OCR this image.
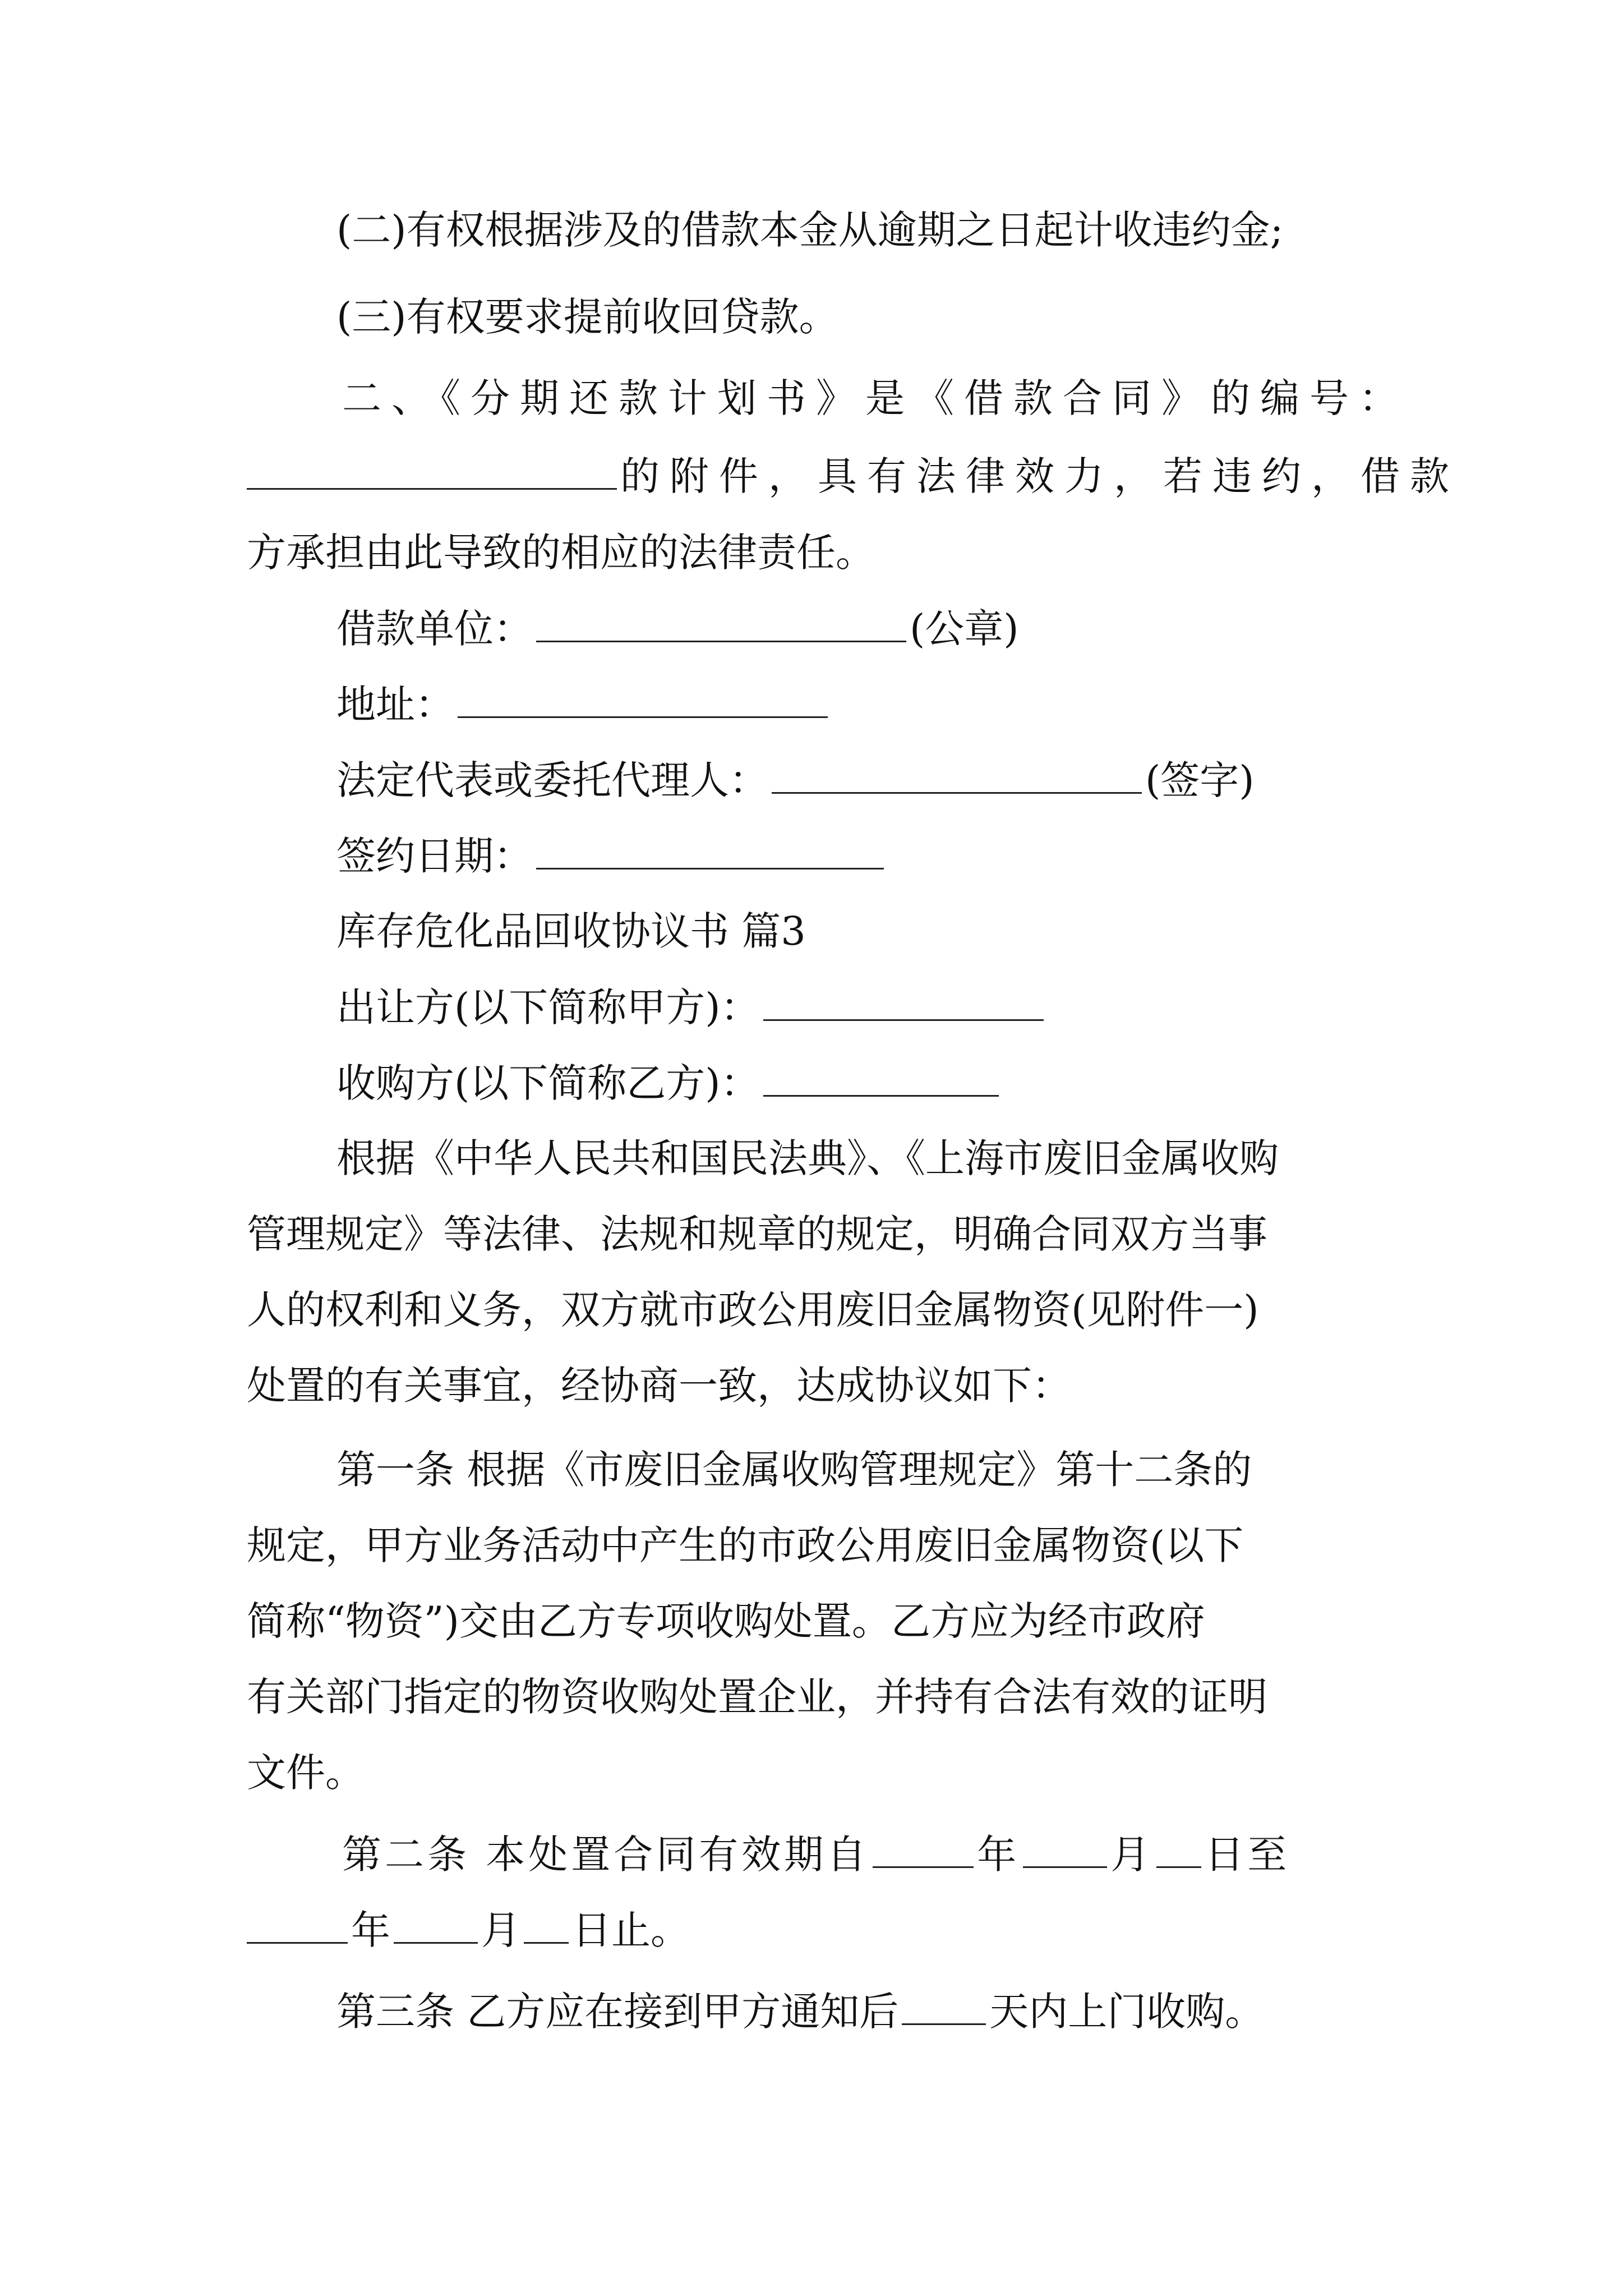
(二)有权根据涉及的借款本金从逾期之日起计收违约金;
(三)有权要求提前收回贷款。
二、《分期还款计划书》是《借款合同》的编号：
的附件，具有法律效力，若违约，借款
方承担由此导致的相应的法律责任。
借款单位：	(公章)
地址：
法定代表或委托代理人：	(签字)
签约日期：
库存危化品回收协议书 篇3
出让方(以下简称甲方)：
收购方(以下简称乙方)：
根据《中华人民共和国民法典》、《上海市废旧金属收购
管理规定》等法律、法规和规章的规定，明确合同双方当事
人的权利和义务，双方就市政公用废旧金属物资(见附件一)
处置的有关事宜，经协商一致，达成协议如下：
第一条 根据《市废旧金属收购管理规定》第十二条的
规定，甲方业务活动中产生的市政公用废旧金属物资(以下
简称“物资”)交由乙方专项收购处置。乙方应为经市政府
有关部门指定的物资收购处置企业，并持有合法有效的证明
文件。
第二条 本处置合同有效期自	年 月 日至
年 月 日止。
第三条 乙方应在接到甲方通知后 天内上门收购。
